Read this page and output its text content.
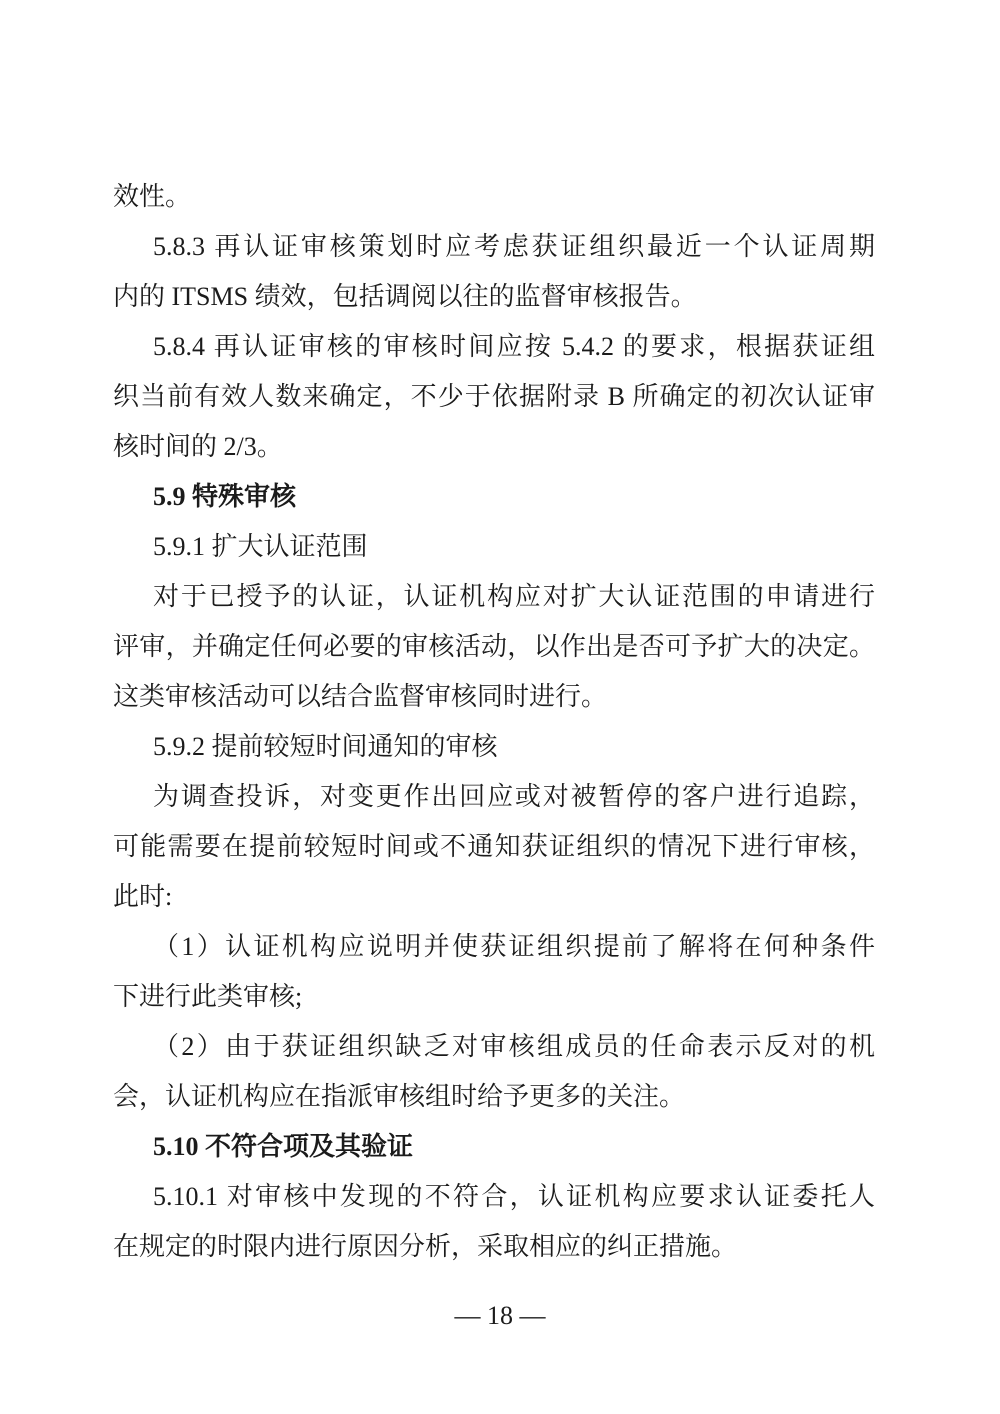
效性。
5.8.3 再认证审核策划时应考虑获证组织最近一个认证周期
内的 ITSMS 绩效，包括调阅以往的监督审核报告。
5.8.4 再认证审核的审核时间应按 5.4.2 的要求，根据获证组
织当前有效人数来确定，不少于依据附录 B 所确定的初次认证审
核时间的 2/3。
5.9 特殊审核
5.9.1 扩大认证范围
对于已授予的认证，认证机构应对扩大认证范围的申请进行
评审，并确定任何必要的审核活动，以作出是否可予扩大的决定。
这类审核活动可以结合监督审核同时进行。
5.9.2 提前较短时间通知的审核
为调查投诉，对变更作出回应或对被暂停的客户进行追踪，
可能需要在提前较短时间或不通知获证组织的情况下进行审核，
此时:
（1）认证机构应说明并使获证组织提前了解将在何种条件
下进行此类审核;
（2）由于获证组织缺乏对审核组成员的任命表示反对的机
会，认证机构应在指派审核组时给予更多的关注。
5.10 不符合项及其验证
5.10.1 对审核中发现的不符合，认证机构应要求认证委托人
在规定的时限内进行原因分析，采取相应的纠正措施。
— 18 —
